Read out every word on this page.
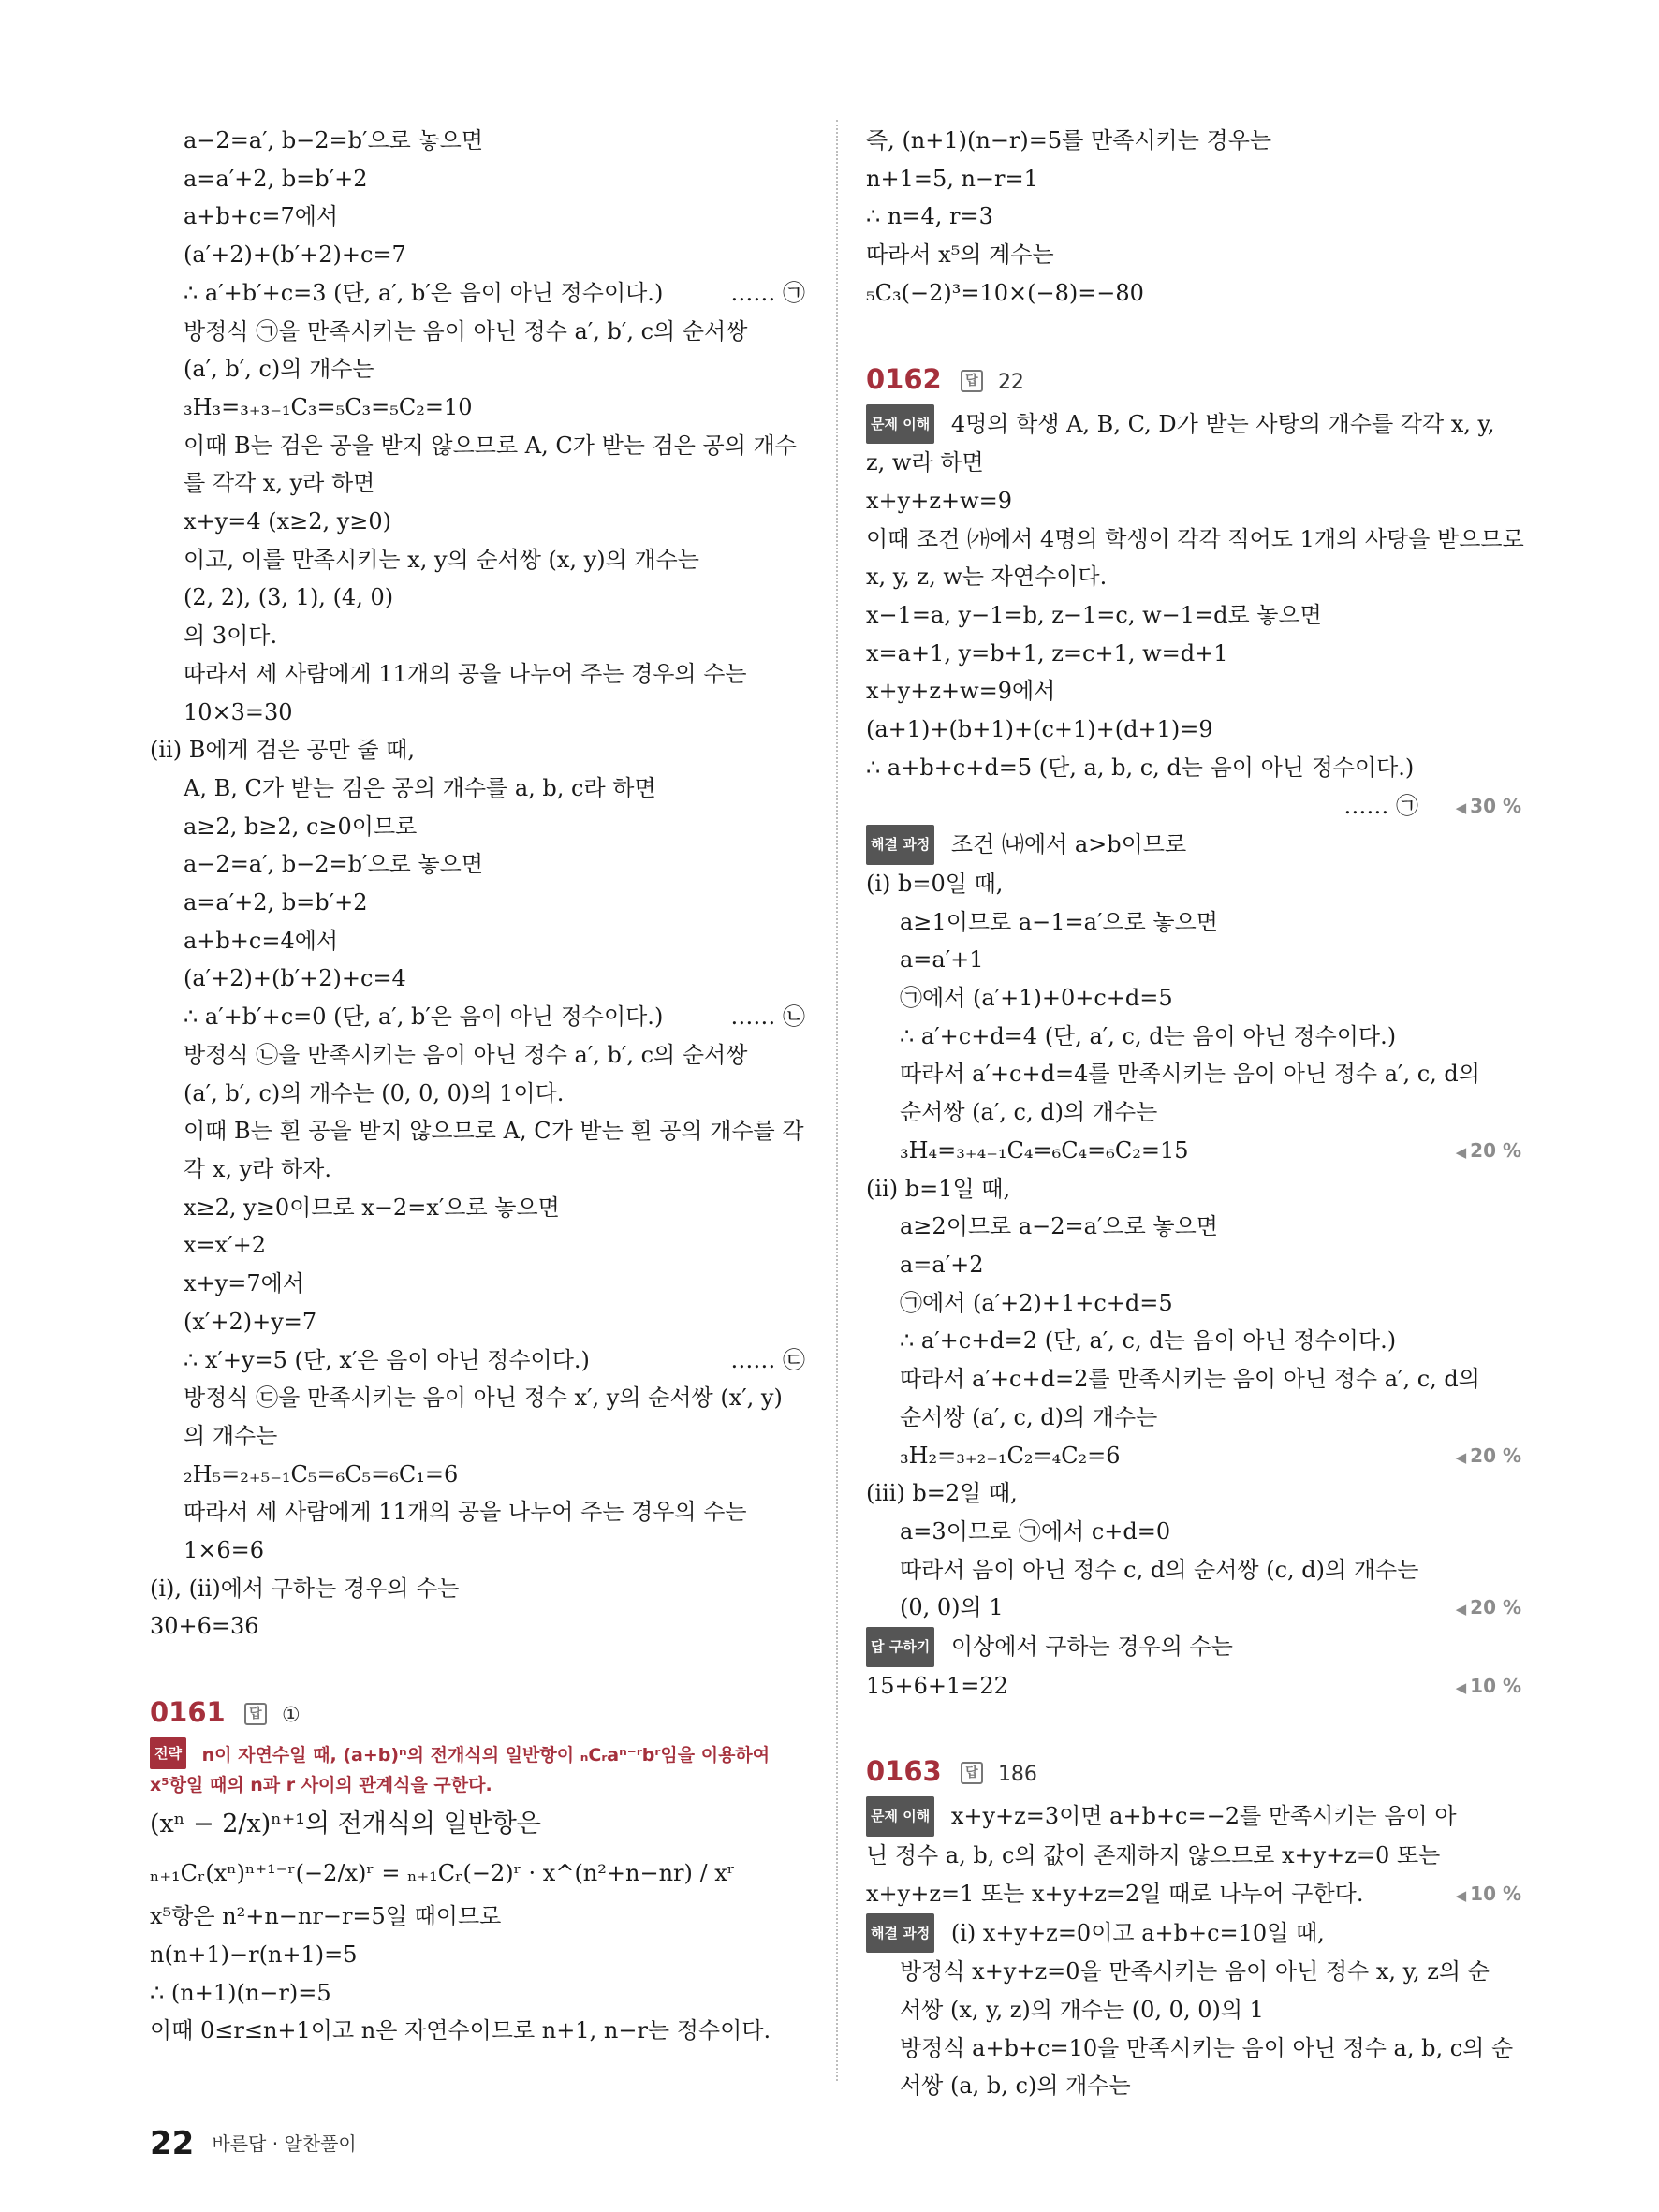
a−2=a′, b−2=b′으로 놓으면
a=a′+2, b=b′+2
a+b+c=7에서
(a′+2)+(b′+2)+c=7
∴ a′+b′+c=3 (단, a′, b′은 음이 아닌 정수이다.)	…… ㉠
방정식 ㉠을 만족시키는 음이 아닌 정수 a′, b′, c의 순서쌍
(a′, b′, c)의 개수는
₃H₃=₃₊₃₋₁C₃=₅C₃=₅C₂=10
이때 B는 검은 공을 받지 않으므로 A, C가 받는 검은 공의 개수
를 각각 x, y라 하면
x+y=4 (x≥2, y≥0)
이고, 이를 만족시키는 x, y의 순서쌍 (x, y)의 개수는
(2, 2), (3, 1), (4, 0)
의 3이다.
따라서 세 사람에게 11개의 공을 나누어 주는 경우의 수는
10×3=30
(ⅱ) B에게 검은 공만 줄 때,
A, B, C가 받는 검은 공의 개수를 a, b, c라 하면
a≥2, b≥2, c≥0이므로
a−2=a′, b−2=b′으로 놓으면
a=a′+2, b=b′+2
a+b+c=4에서
(a′+2)+(b′+2)+c=4
∴ a′+b′+c=0 (단, a′, b′은 음이 아닌 정수이다.)	…… ㉡
방정식 ㉡을 만족시키는 음이 아닌 정수 a′, b′, c의 순서쌍
(a′, b′, c)의 개수는 (0, 0, 0)의 1이다.
이때 B는 흰 공을 받지 않으므로 A, C가 받는 흰 공의 개수를 각
각 x, y라 하자.
x≥2, y≥0이므로 x−2=x′으로 놓으면
x=x′+2
x+y=7에서
(x′+2)+y=7
∴ x′+y=5 (단, x′은 음이 아닌 정수이다.)	…… ㉢
방정식 ㉢을 만족시키는 음이 아닌 정수 x′, y의 순서쌍 (x′, y)
의 개수는
₂H₅=₂₊₅₋₁C₅=₆C₅=₆C₁=6
따라서 세 사람에게 11개의 공을 나누어 주는 경우의 수는
1×6=6
(ⅰ), (ⅱ)에서 구하는 경우의 수는
30+6=36
0161 답 ①
전략 n이 자연수일 때, (a+b)ⁿ의 전개식의 일반항이 ₙCᵣaⁿ⁻ʳbʳ임을 이용하여
x⁵항일 때의 n과 r 사이의 관계식을 구한다.
(xⁿ − 2/x)ⁿ⁺¹의 전개식의 일반항은
ₙ₊₁Cᵣ(xⁿ)ⁿ⁺¹⁻ʳ(−2/x)ʳ = ₙ₊₁Cᵣ(−2)ʳ · x^(n²+n−nr) / xʳ
x⁵항은 n²+n−nr−r=5일 때이므로
n(n+1)−r(n+1)=5
∴ (n+1)(n−r)=5
이때 0≤r≤n+1이고 n은 자연수이므로 n+1, n−r는 정수이다.
즉, (n+1)(n−r)=5를 만족시키는 경우는
n+1=5, n−r=1
∴ n=4, r=3
따라서 x⁵의 계수는
₅C₃(−2)³=10×(−8)=−80
0162 답 22
문제 이해 4명의 학생 A, B, C, D가 받는 사탕의 개수를 각각 x, y,
z, w라 하면
x+y+z+w=9
이때 조건 ㈎에서 4명의 학생이 각각 적어도 1개의 사탕을 받으므로
x, y, z, w는 자연수이다.
x−1=a, y−1=b, z−1=c, w−1=d로 놓으면
x=a+1, y=b+1, z=c+1, w=d+1
x+y+z+w=9에서
(a+1)+(b+1)+(c+1)+(d+1)=9
∴ a+b+c+d=5 (단, a, b, c, d는 음이 아닌 정수이다.)
…… ㉠	◀ 30 %

해결 과정 조건 ㈏에서 a>b이므로
(ⅰ) b=0일 때,
a≥1이므로 a−1=a′으로 놓으면
a=a′+1
㉠에서 (a′+1)+0+c+d=5
∴ a′+c+d=4 (단, a′, c, d는 음이 아닌 정수이다.)
따라서 a′+c+d=4를 만족시키는 음이 아닌 정수 a′, c, d의
순서쌍 (a′, c, d)의 개수는
₃H₄=₃₊₄₋₁C₄=₆C₄=₆C₂=15	◀ 20 %
(ⅱ) b=1일 때,
a≥2이므로 a−2=a′으로 놓으면
a=a′+2
㉠에서 (a′+2)+1+c+d=5
∴ a′+c+d=2 (단, a′, c, d는 음이 아닌 정수이다.)
따라서 a′+c+d=2를 만족시키는 음이 아닌 정수 a′, c, d의
순서쌍 (a′, c, d)의 개수는
₃H₂=₃₊₂₋₁C₂=₄C₂=6	◀ 20 %
(ⅲ) b=2일 때,
a=3이므로 ㉠에서 c+d=0
따라서 음이 아닌 정수 c, d의 순서쌍 (c, d)의 개수는
(0, 0)의 1	◀ 20 %
답 구하기 이상에서 구하는 경우의 수는
15+6+1=22	◀ 10 %
0163 답 186
문제 이해 x+y+z=3이면 a+b+c=−2를 만족시키는 음이 아
닌 정수 a, b, c의 값이 존재하지 않으므로 x+y+z=0 또는
x+y+z=1 또는 x+y+z=2일 때로 나누어 구한다.	◀ 10 %
해결 과정 (ⅰ) x+y+z=0이고 a+b+c=10일 때,
방정식 x+y+z=0을 만족시키는 음이 아닌 정수 x, y, z의 순
서쌍 (x, y, z)의 개수는 (0, 0, 0)의 1
방정식 a+b+c=10을 만족시키는 음이 아닌 정수 a, b, c의 순
서쌍 (a, b, c)의 개수는
22 바른답 · 알찬풀이
